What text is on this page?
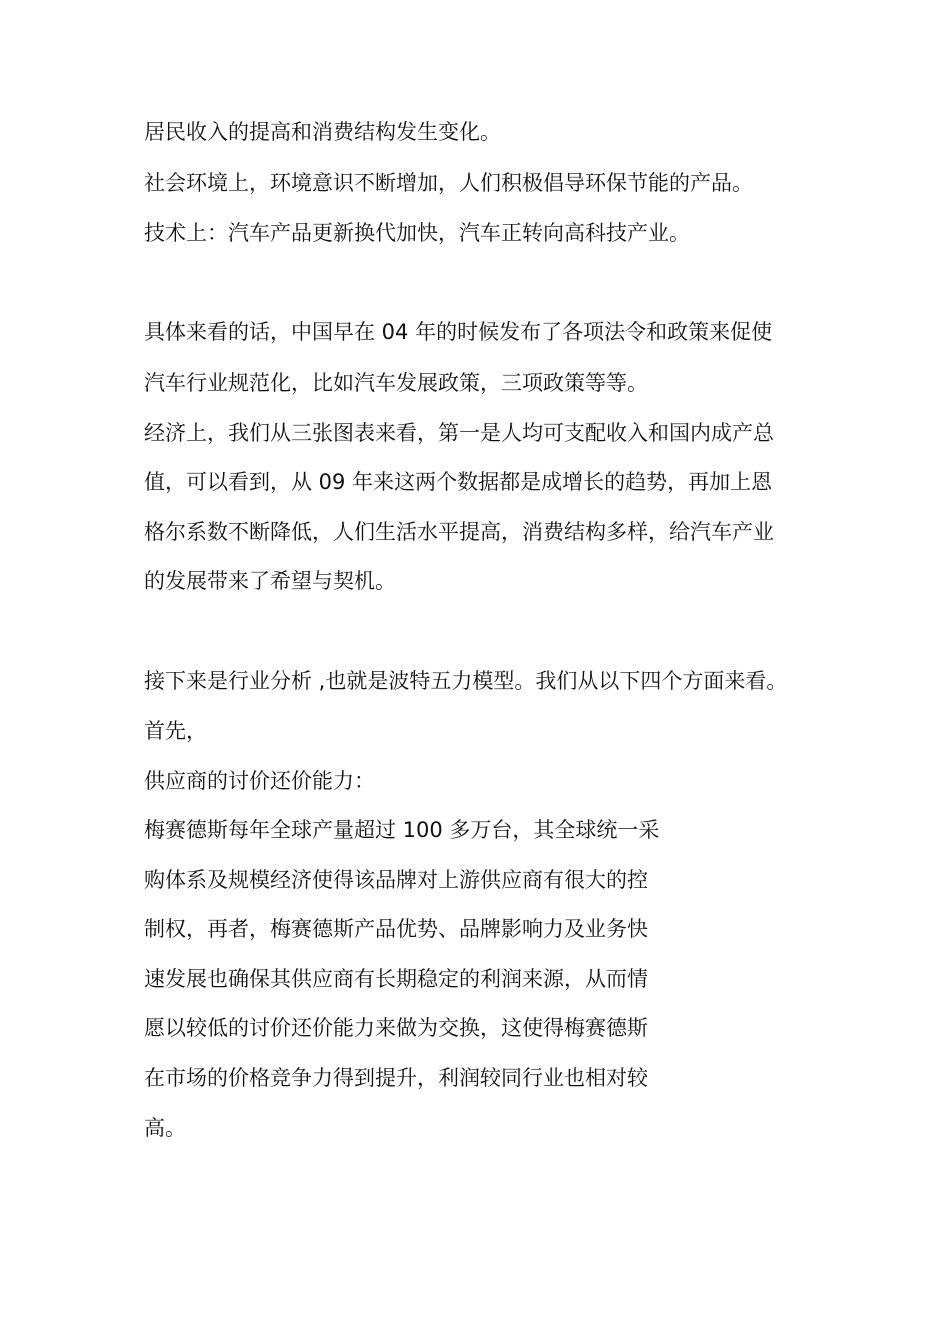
居民收入的提高和消费结构发生变化。
社会环境上，环境意识不断增加，人们积极倡导环保节能的产品。
技术上：汽车产品更新换代加快，汽车正转向高科技产业。
具体来看的话，中国早在 04 年的时候发布了各项法令和政策来促使
汽车行业规范化，比如汽车发展政策，三项政策等等。
经济上，我们从三张图表来看，第一是人均可支配收入和国内成产总
值，可以看到，从 09 年来这两个数据都是成增长的趋势，再加上恩
格尔系数不断降低，人们生活水平提高，消费结构多样，给汽车产业
的发展带来了希望与契机。
接下来是行业分析 ,也就是波特五力模型。我们从以下四个方面来看。
首先，
供应商的讨价还价能力：
梅赛德斯每年全球产量超过 100 多万台，其全球统一采
购体系及规模经济使得该品牌对上游供应商有很大的控
制权，再者，梅赛德斯产品优势、品牌影响力及业务快
速发展也确保其供应商有长期稳定的利润来源，从而情
愿以较低的讨价还价能力来做为交换，这使得梅赛德斯
在市场的价格竞争力得到提升，利润较同行业也相对较
高。
